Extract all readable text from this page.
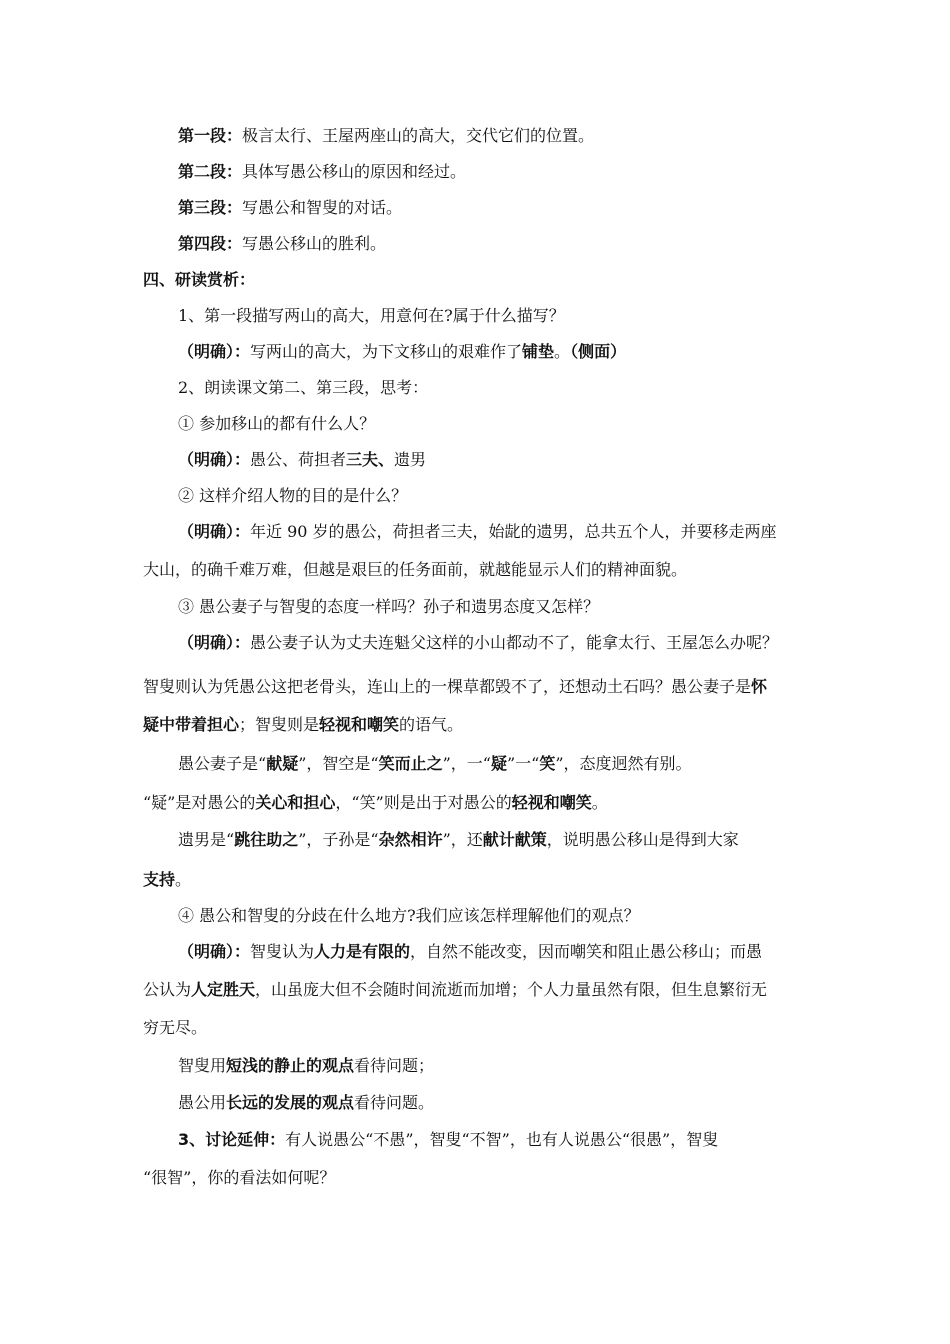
第一段：极言太行、王屋两座山的高大，交代它们的位置。
第二段：具体写愚公移山的原因和经过。
第三段：写愚公和智叟的对话。
第四段：写愚公移山的胜利。
四、研读赏析：
1、第一段描写两山的高大，用意何在?属于什么描写？
（明确）：写两山的高大，为下文移山的艰难作了铺垫。（侧面）
2、朗读课文第二、第三段，思考：
① 参加移山的都有什么人？
（明确）：愚公、荷担者三夫、遗男
② 这样介绍人物的目的是什么？
（明确）：年近 90 岁的愚公，荷担者三夫，始龀的遗男，总共五个人，并要移走两座
大山，的确千难万难，但越是艰巨的任务面前，就越能显示人们的精神面貌。
③ 愚公妻子与智叟的态度一样吗？孙子和遗男态度又怎样？
（明确）：愚公妻子认为丈夫连魁父这样的小山都动不了，能拿太行、王屋怎么办呢？
智叟则认为凭愚公这把老骨头，连山上的一棵草都毁不了，还想动土石吗？愚公妻子是怀
疑中带着担心；智叟则是轻视和嘲笑的语气。
愚公妻子是“献疑”，智空是“笑而止之”，一“疑”一“笑”，态度迥然有别。
“疑”是对愚公的关心和担心，“笑”则是出于对愚公的轻视和嘲笑。
遗男是“跳往助之”，子孙是“杂然相许”，还献计献策，说明愚公移山是得到大家
支持。
④ 愚公和智叟的分歧在什么地方?我们应该怎样理解他们的观点？
（明确）：智叟认为人力是有限的，自然不能改变，因而嘲笑和阻止愚公移山；而愚
公认为人定胜天，山虽庞大但不会随时间流逝而加增；个人力量虽然有限，但生息繁衍无
穷无尽。
智叟用短浅的静止的观点看待问题；
愚公用长远的发展的观点看待问题。
3、讨论延伸：有人说愚公“不愚”，智叟“不智”，也有人说愚公“很愚”，智叟
“很智”，你的看法如何呢？
